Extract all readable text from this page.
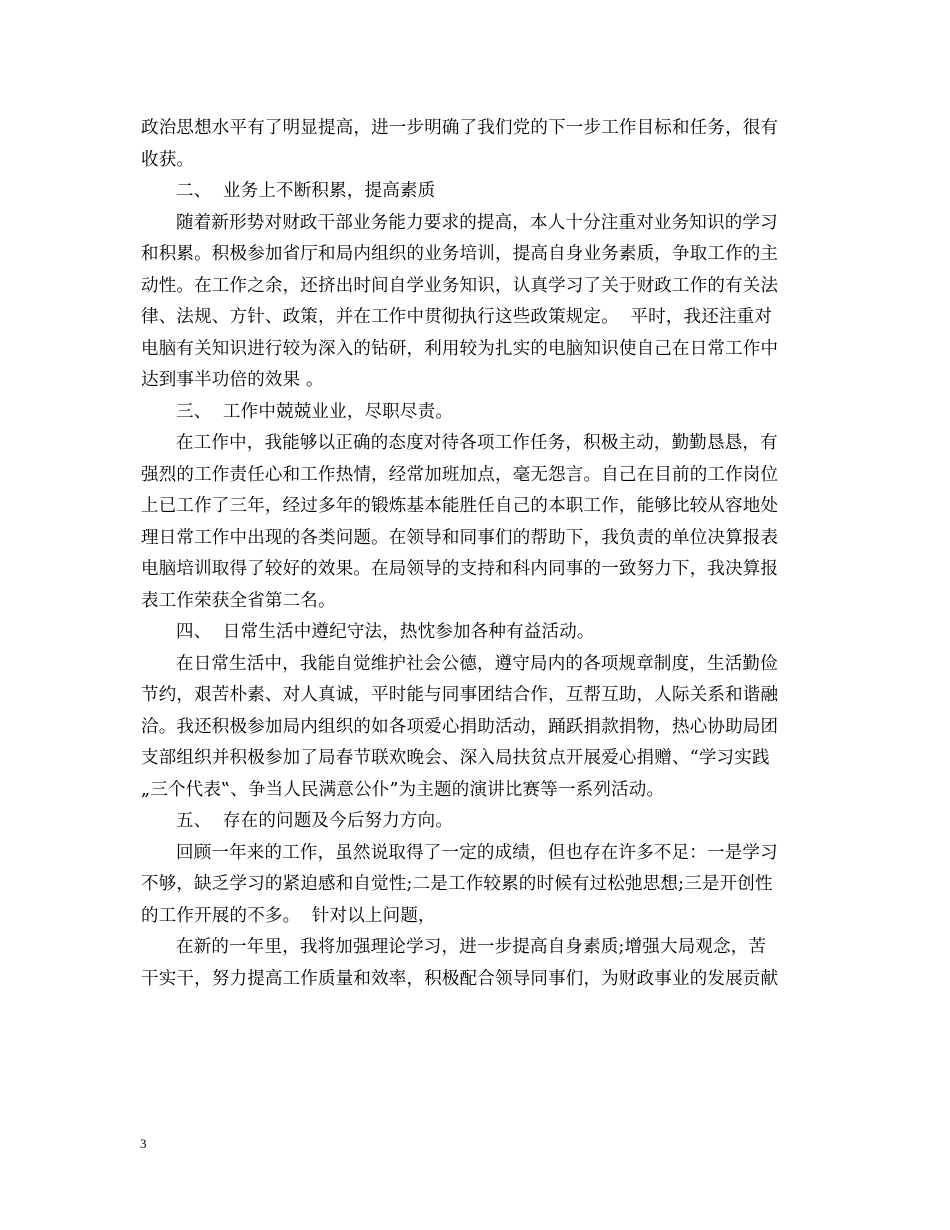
政治思想水平有了明显提高，进一步明确了我们党的下一步工作目标和任务，很有
收获。
二、  业务上不断积累，提高素质
随着新形势对财政干部业务能力要求的提高，本人十分注重对业务知识的学习
和积累。积极参加省厅和局内组织的业务培训，提高自身业务素质，争取工作的主
动性。在工作之余，还挤出时间自学业务知识，认真学习了关于财政工作的有关法
律、法规、方针、政策，并在工作中贯彻执行这些政策规定。  平时，我还注重对
电脑有关知识进行较为深入的钻研，利用较为扎实的电脑知识使自己在日常工作中
达到事半功倍的效果 。
三、  工作中兢兢业业，尽职尽责。
在工作中，我能够以正确的态度对待各项工作任务，积极主动，勤勤恳恳，有
强烈的工作责任心和工作热情，经常加班加点，毫无怨言。自己在目前的工作岗位
上已工作了三年，经过多年的锻炼基本能胜任自己的本职工作，能够比较从容地处
理日常工作中出现的各类问题。在领导和同事们的帮助下，我负责的单位决算报表
电脑培训取得了较好的效果。在局领导的支持和科内同事的一致努力下，我决算报
表工作荣获全省第二名。
四、  日常生活中遵纪守法，热忱参加各种有益活动。
在日常生活中，我能自觉维护社会公德，遵守局内的各项规章制度，生活勤俭
节约，艰苦朴素、对人真诚，平时能与同事团结合作，互帮互助，人际关系和谐融
洽。我还积极参加局内组织的如各项爱心捐助活动，踊跃捐款捐物，热心协助局团
支部组织并积极参加了局春节联欢晚会、深入局扶贫点开展爱心捐赠、“学习实践
„三个代表‟、争当人民满意公仆”为主题的演讲比赛等一系列活动。
五、  存在的问题及今后努力方向。
回顾一年来的工作，虽然说取得了一定的成绩，但也存在许多不足：一是学习
不够，缺乏学习的紧迫感和自觉性;二是工作较累的时候有过松弛思想;三是开创性
的工作开展的不多。  针对以上问题，
在新的一年里，我将加强理论学习，进一步提高自身素质;增强大局观念，苦
干实干，努力提高工作质量和效率，积极配合领导同事们，为财政事业的发展贡献
3
